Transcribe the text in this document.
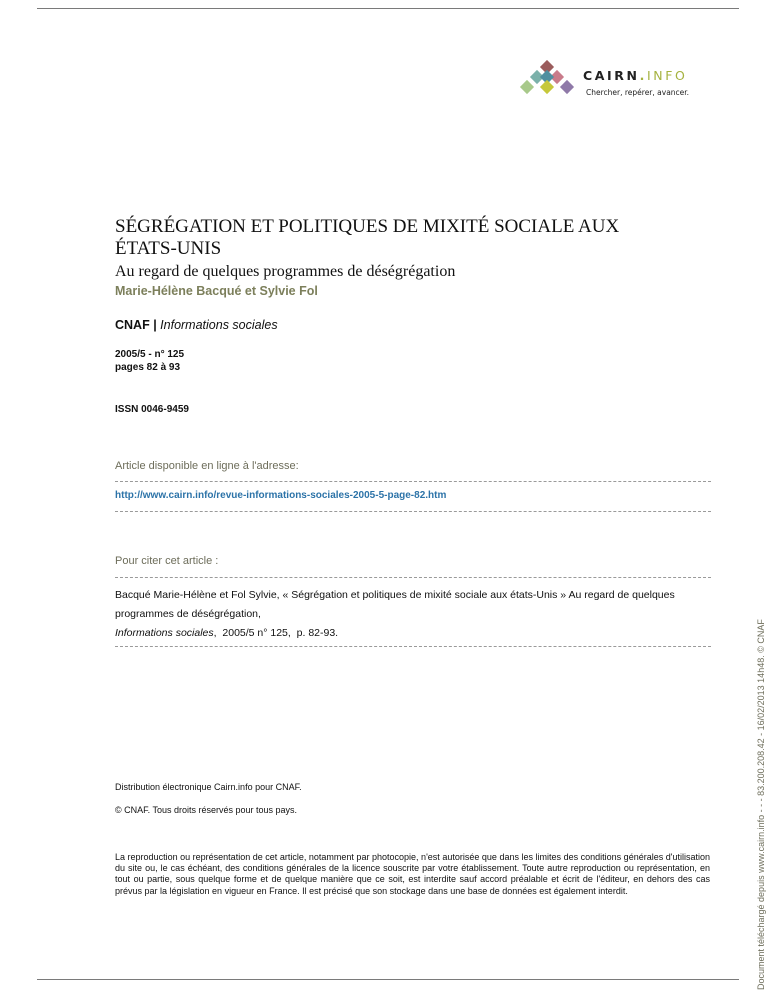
CAIRN.INFO
Chercher, repérer, avancer.
SÉGRÉGATION ET POLITIQUES DE MIXITÉ SOCIALE AUX ÉTATS-UNIS
Au regard de quelques programmes de déségrégation
Marie-Hélène Bacqué et Sylvie Fol
CNAF | Informations sociales
2005/5 - n° 125
pages 82 à 93
ISSN 0046-9459
Article disponible en ligne à l'adresse:
http://www.cairn.info/revue-informations-sociales-2005-5-page-82.htm
Pour citer cet article :
Bacqué Marie-Hélène et Fol Sylvie, « Ségrégation et politiques de mixité sociale aux états-Unis » Au regard de quelques programmes de déségrégation,
Informations sociales,  2005/5 n° 125,  p. 82-93.
Distribution électronique Cairn.info pour CNAF.
© CNAF. Tous droits réservés pour tous pays.
La reproduction ou représentation de cet article, notamment par photocopie, n'est autorisée que dans les limites des conditions générales d'utilisation du site ou, le cas échéant, des conditions générales de la licence souscrite par votre établissement. Toute autre reproduction ou représentation, en tout ou partie, sous quelque forme et de quelque manière que ce soit, est interdite sauf accord préalable et écrit de l'éditeur, en dehors des cas prévus par la législation en vigueur en France. Il est précisé que son stockage dans une base de données est également interdit.	Document téléchargé depuis www.cairn.info - - - 83.200.208.42 - 16/02/2013 14h48. © CNAF
